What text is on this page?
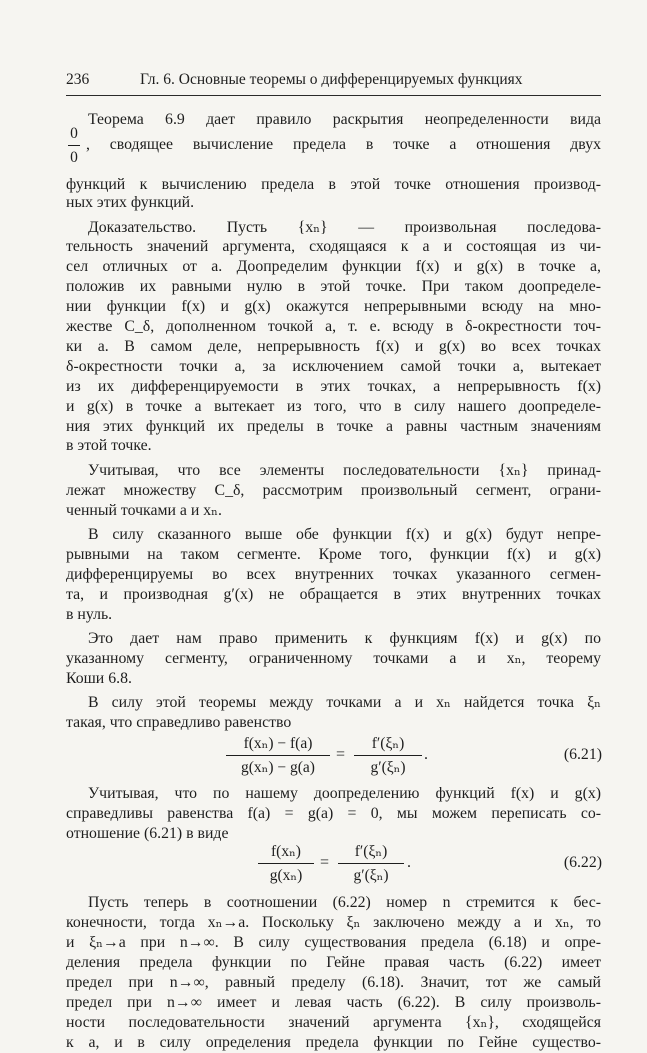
236	Гл. 6. Основные теоремы о дифференцируемых функциях
0
0
, сводящее вычисление предела в точке a отношения двух
f(xₙ) − f(a)
g(xₙ) − g(a)
=
f′(ξₙ)
g′(ξₙ)
.	(6.21)
f(xₙ)
g(xₙ)
=
f′(ξₙ)
g′(ξₙ)
.	(6.22)
Теорема 6.9 дает правило раскрытия неопределенности вида
функций к вычислению предела в этой точке отношения производ-
ных этих функций.
Доказательство. Пусть {xₙ} — произвольная последова-
тельность значений аргумента, сходящаяся к a и состоящая из чи-
сел отличных от a. Доопределим функции f(x) и g(x) в точке a,
положив их равными нулю в этой точке. При таком доопределе-
нии функции f(x) и g(x) окажутся непрерывными всюду на мно-
жестве C_δ, дополненном точкой a, т. е. всюду в δ-окрестности точ-
ки a. В самом деле, непрерывность f(x) и g(x) во всех точках
δ-окрестности точки a, за исключением самой точки a, вытекает
из их дифференцируемости в этих точках, а непрерывность f(x)
и g(x) в точке a вытекает из того, что в силу нашего доопределе-
ния этих функций их пределы в точке a равны частным значениям
в этой точке.
Учитывая, что все элементы последовательности {xₙ} принад-
лежат множеству C_δ, рассмотрим произвольный сегмент, ограни-
ченный точками a и xₙ.
В силу сказанного выше обе функции f(x) и g(x) будут непре-
рывными на таком сегменте. Кроме того, функции f(x) и g(x)
дифференцируемы во всех внутренних точках указанного сегмен-
та, и производная g′(x) не обращается в этих внутренних точках
в нуль.
Это дает нам право применить к функциям f(x) и g(x) по
указанному сегменту, ограниченному точками a и xₙ, теорему
Коши 6.8.
В силу этой теоремы между точками a и xₙ найдется точка ξₙ
такая, что справедливо равенство
Учитывая, что по нашему доопределению функций f(x) и g(x)
справедливы равенства f(a) = g(a) = 0, мы можем переписать со-
отношение (6.21) в виде
Пусть теперь в соотношении (6.22) номер n стремится к бес-
конечности, тогда xₙ→a. Поскольку ξₙ заключено между a и xₙ, то
и ξₙ→a при n→∞. В силу существования предела (6.18) и опре-
деления предела функции по Гейне правая часть (6.22) имеет
предел при n→∞, равный пределу (6.18). Значит, тот же самый
предел при n→∞ имеет и левая часть (6.22). В силу произволь-
ности последовательности значений аргумента {xₙ}, сходящейся
к a, и в силу определения предела функции по Гейне существо-
